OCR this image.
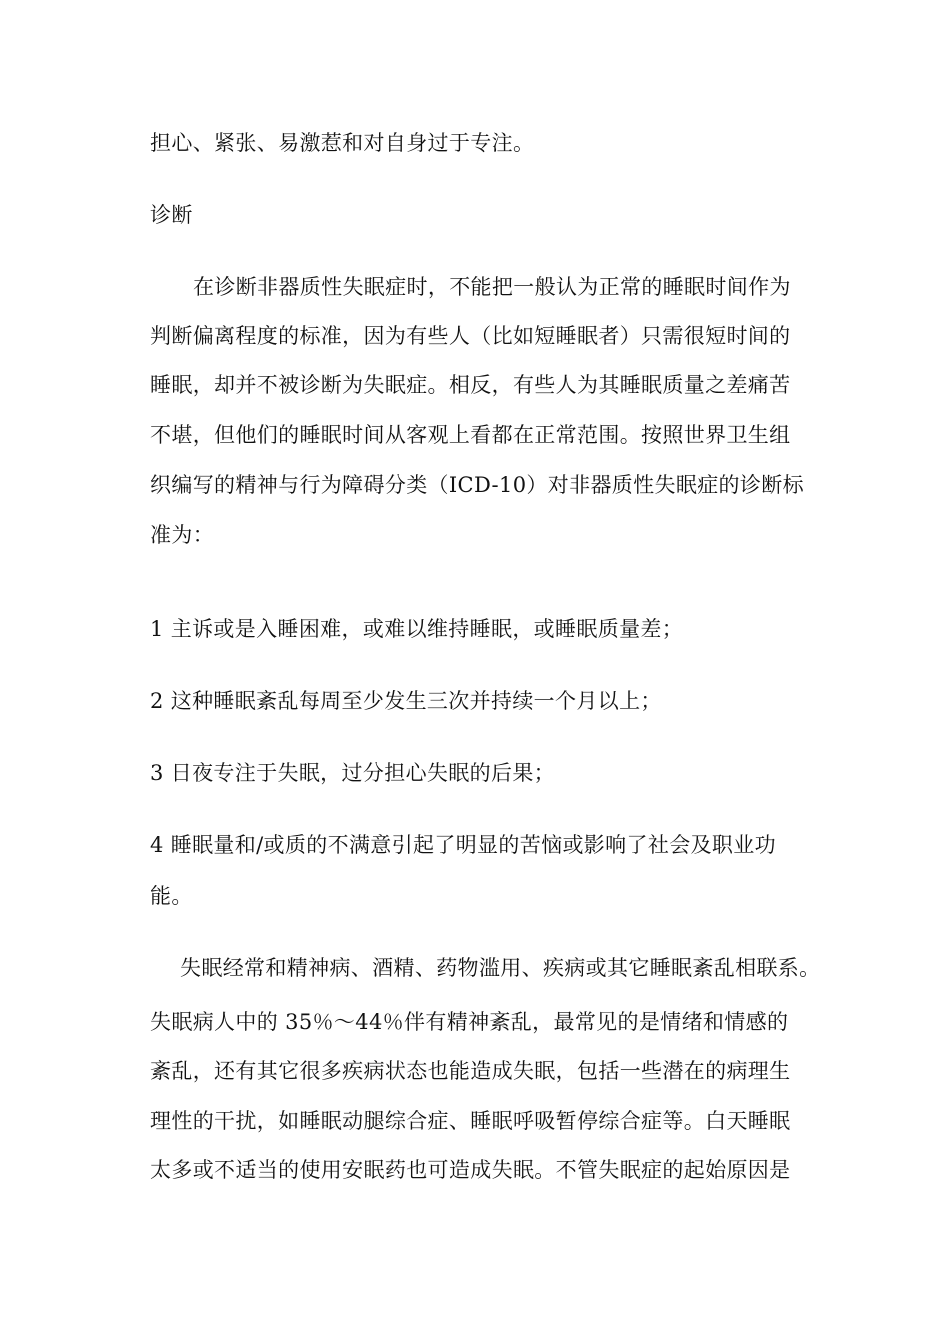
担心、紧张、易激惹和对自身过于专注。
诊断
在诊断非器质性失眠症时，不能把一般认为正常的睡眠时间作为
判断偏离程度的标准，因为有些人（比如短睡眠者）只需很短时间的
睡眠，却并不被诊断为失眠症。相反，有些人为其睡眠质量之差痛苦
不堪，但他们的睡眠时间从客观上看都在正常范围。按照世界卫生组
织编写的精神与行为障碍分类（ICD-10）对非器质性失眠症的诊断标
准为：
1 主诉或是入睡困难，或难以维持睡眠，或睡眠质量差；
2 这种睡眠紊乱每周至少发生三次并持续一个月以上；
3 日夜专注于失眠，过分担心失眠的后果；
4 睡眠量和/或质的不满意引起了明显的苦恼或影响了社会及职业功
能。
失眠经常和精神病、酒精、药物滥用、疾病或其它睡眠紊乱相联系。
失眠病人中的 35％～44％伴有精神紊乱，最常见的是情绪和情感的
紊乱，还有其它很多疾病状态也能造成失眠，包括一些潜在的病理生
理性的干扰，如睡眠动腿综合症、睡眠呼吸暂停综合症等。白天睡眠
太多或不适当的使用安眠药也可造成失眠。不管失眠症的起始原因是
